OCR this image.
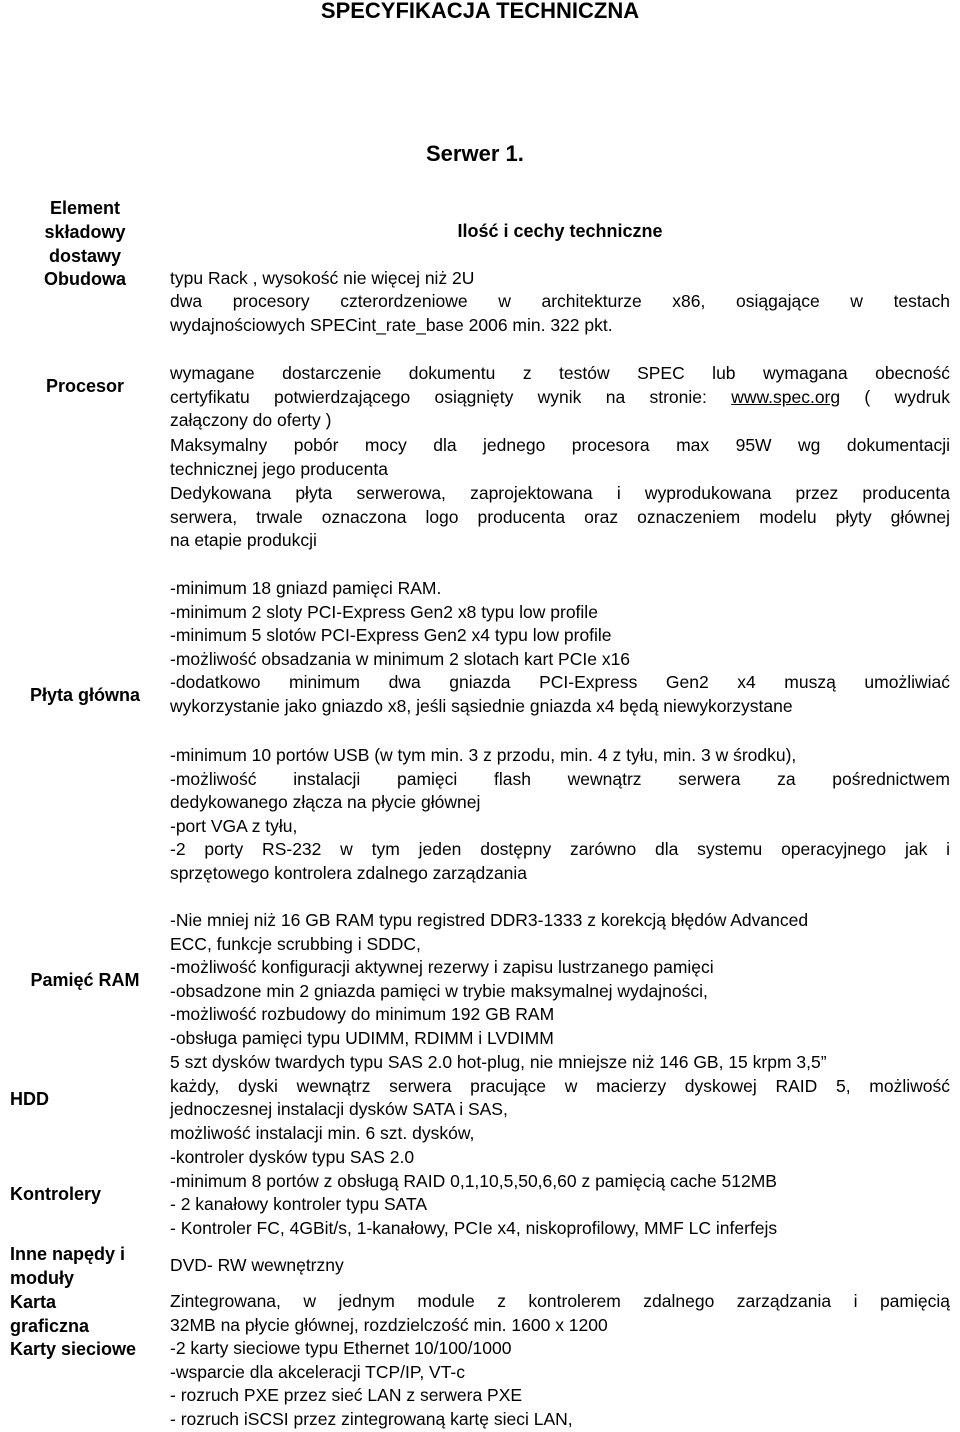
SPECYFIKACJA TECHNICZNA
Serwer 1.
Element
składowy
dostawy
Ilość i cechy techniczne
Obudowa	typu Rack , wysokość nie więcej niż 2U
Procesor
dwa procesory czterordzeniowe w architekturze x86, osiągające w testach
wydajnościowych SPECint_rate_base 2006 min. 322 pkt.
wymagane dostarczenie dokumentu z testów SPEC lub wymagana obecność
certyfikatu potwierdzającego osiągnięty wynik na stronie: www.spec.org ( wydruk
załączony do oferty )
Maksymalny pobór mocy dla jednego procesora max 95W wg dokumentacji
technicznej jego producenta
Dedykowana płyta serwerowa, zaprojektowana i wyprodukowana przez producenta
serwera, trwale oznaczona logo producenta oraz oznaczeniem modelu płyty głównej
na etapie produkcji
Płyta główna
-minimum 18 gniazd pamięci RAM.
-minimum 2 sloty PCI-Express Gen2 x8 typu low profile
-minimum 5 slotów PCI-Express Gen2 x4 typu low profile
-możliwość obsadzania w minimum 2 slotach kart PCIe x16
-dodatkowo minimum dwa gniazda PCI-Express Gen2 x4 muszą umożliwiać
wykorzystanie jako gniazdo x8, jeśli sąsiednie gniazda x4 będą niewykorzystane
-minimum 10 portów USB (w tym min. 3 z przodu, min. 4 z tyłu, min. 3 w środku),
-możliwość instalacji pamięci flash wewnątrz serwera za pośrednictwem
dedykowanego złącza na płycie głównej
-port VGA z tyłu,
-2 porty RS-232 w tym jeden dostępny zarówno dla systemu operacyjnego jak i
sprzętowego kontrolera zdalnego zarządzania
Pamięć RAM
-Nie mniej niż 16 GB RAM typu registred DDR3-1333 z korekcją błędów Advanced
ECC, funkcje scrubbing i SDDC,
-możliwość konfiguracji aktywnej rezerwy i zapisu lustrzanego pamięci
-obsadzone min 2 gniazda pamięci w trybie maksymalnej wydajności,
-możliwość rozbudowy do minimum 192 GB RAM
-obsługa pamięci typu UDIMM, RDIMM i LVDIMM
HDD
5 szt dysków twardych typu SAS 2.0 hot-plug, nie mniejsze niż 146 GB, 15 krpm 3,5”
każdy, dyski wewnątrz serwera pracujące w macierzy dyskowej RAID 5, możliwość
jednoczesnej instalacji dysków SATA i SAS,
możliwość instalacji min. 6 szt. dysków,
Kontrolery
-kontroler dysków typu SAS 2.0
-minimum 8 portów z obsługą RAID 0,1,10,5,50,6,60 z pamięcią cache 512MB
- 2 kanałowy kontroler typu SATA
- Kontroler FC, 4GBit/s, 1-kanałowy, PCIe x4, niskoprofilowy, MMF LC inferfejs
Inne napędy i
moduły
DVD- RW wewnętrzny
Karta
graficzna
Zintegrowana, w jednym module z kontrolerem zdalnego zarządzania i pamięcią
32MB na płycie głównej, rozdzielczość min. 1600 x 1200
Karty sieciowe	-2 karty sieciowe typu Ethernet 10/100/1000
-wsparcie dla akceleracji TCP/IP, VT-c
- rozruch PXE przez sieć LAN z serwera PXE
- rozruch iSCSI przez zintegrowaną kartę sieci LAN,
